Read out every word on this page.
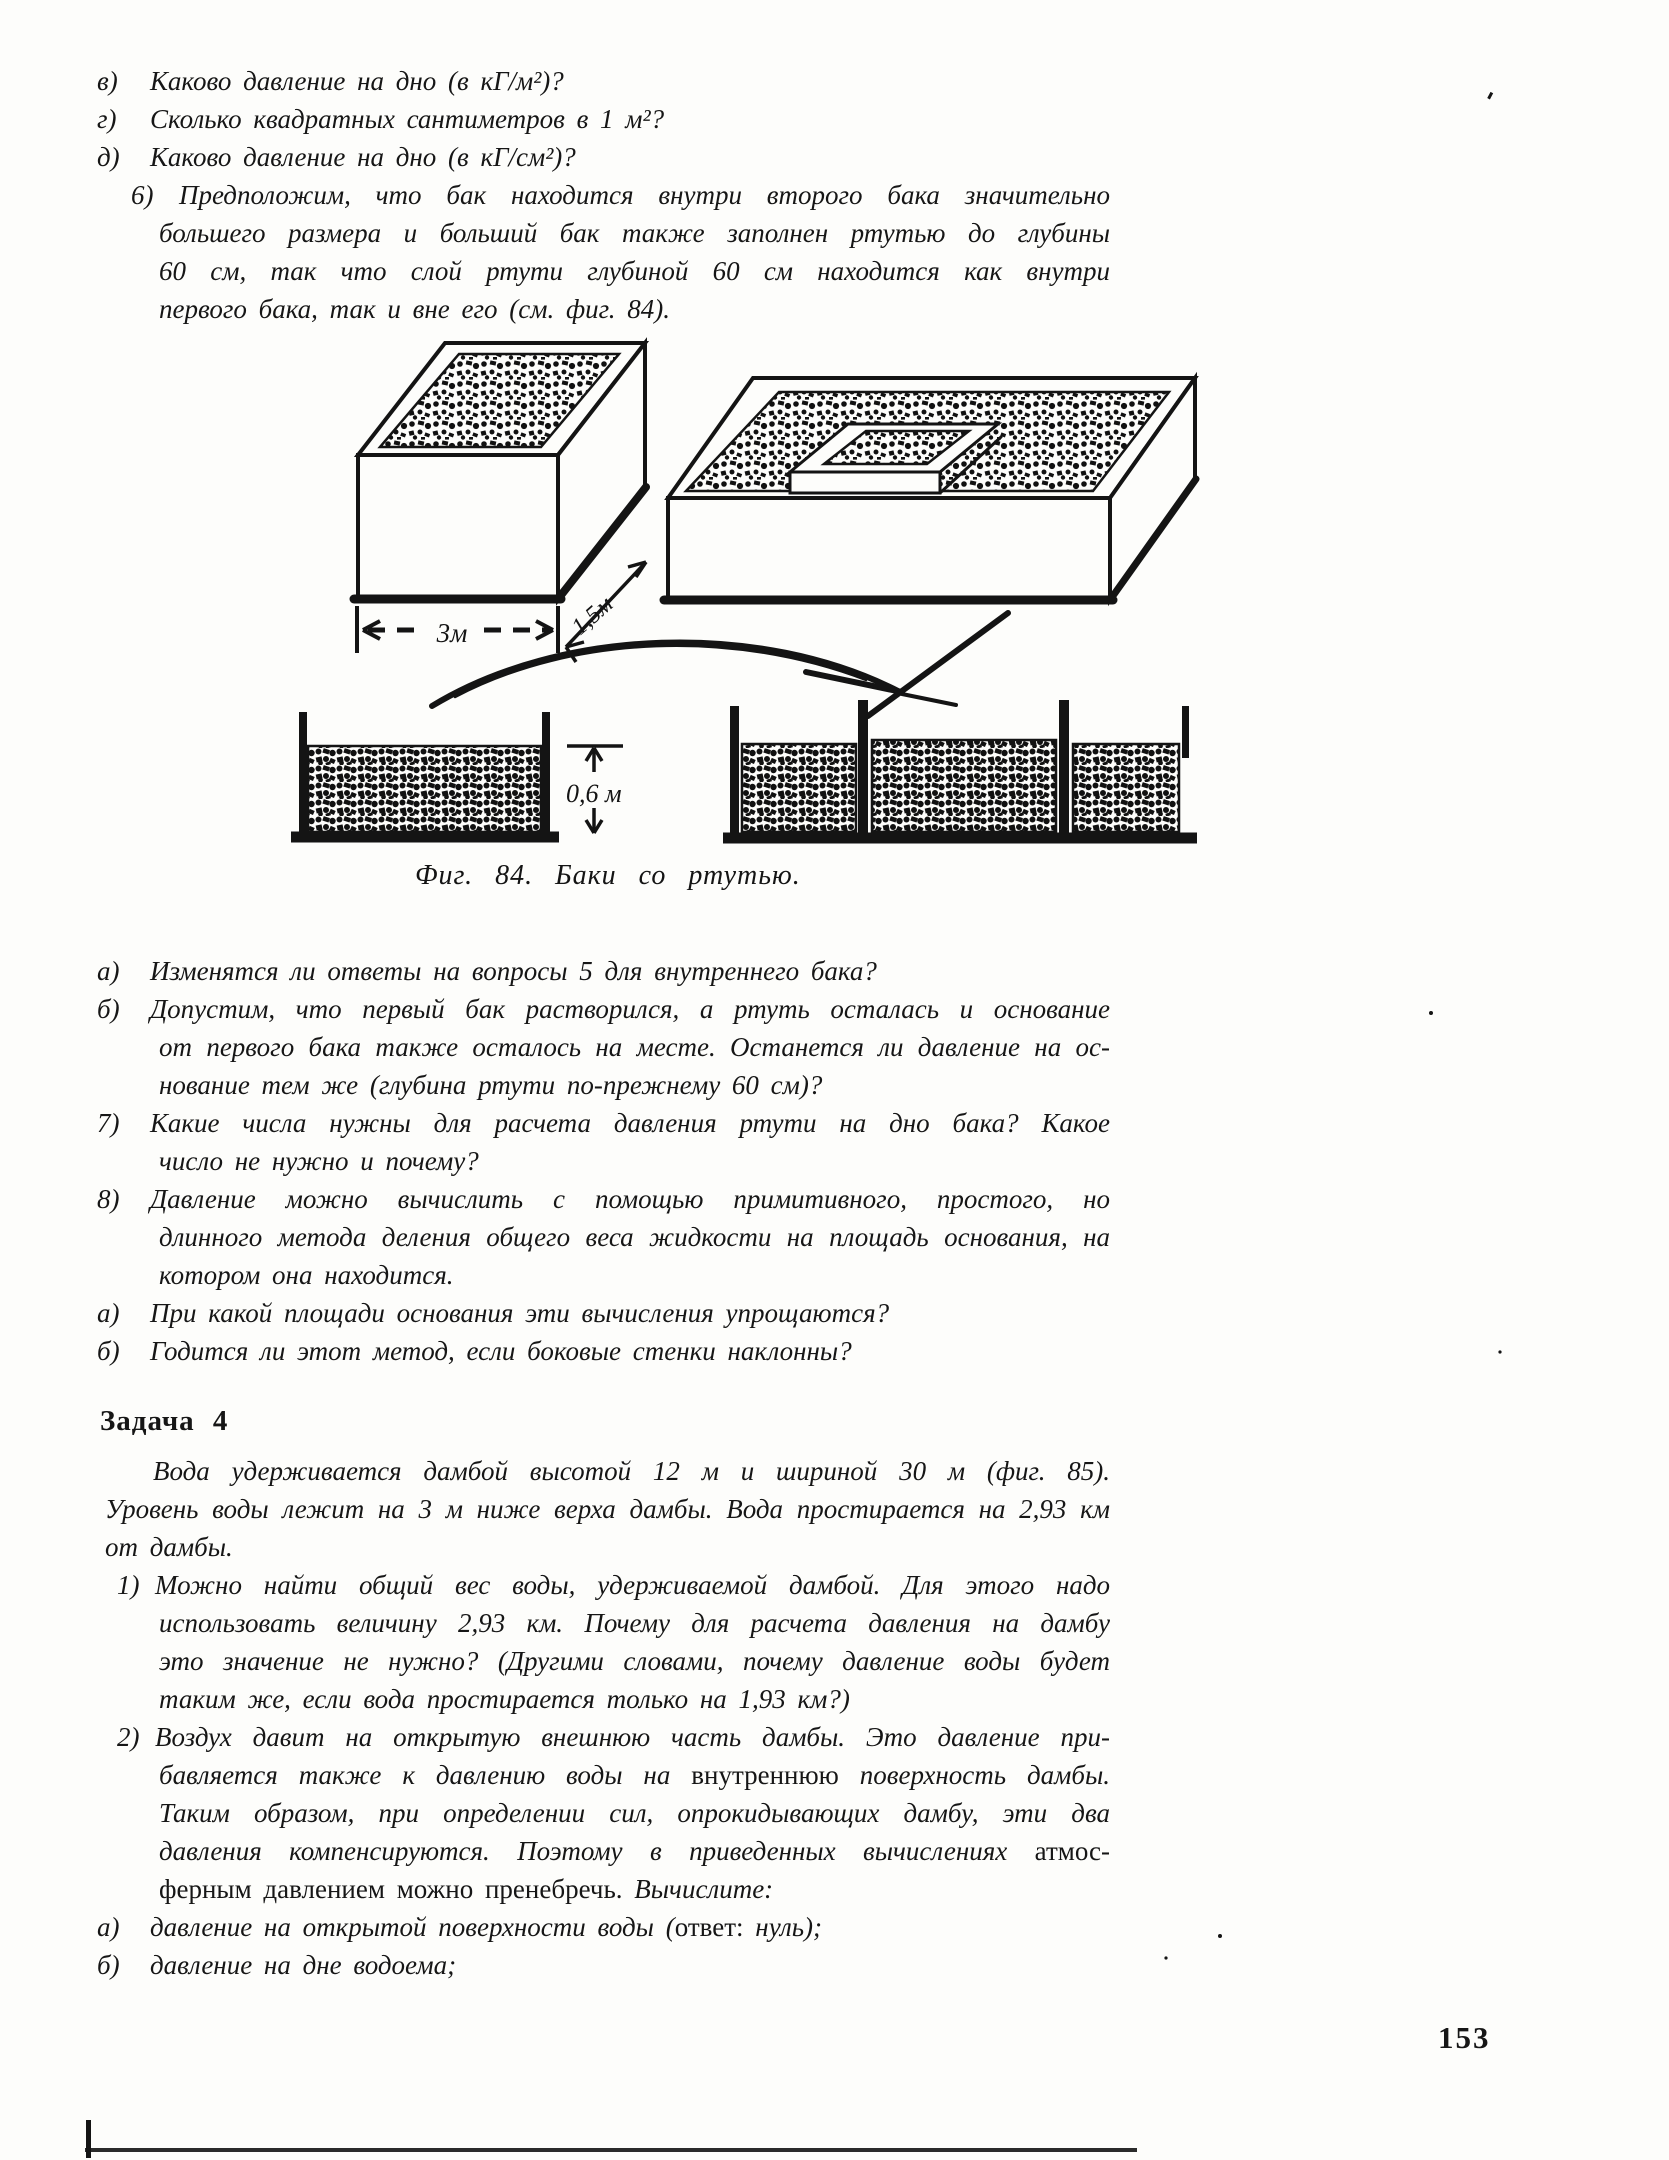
3м	1,5м
0,6 м
Фиг. 84. Баки со ртутью.
в) Каково давление на дно (в кГ/м²)?
г) Сколько квадратных сантиметров в 1 м²?
д) Каково давление на дно (в кГ/см²)?
6) Предположим, что бак находится внутри второго бака значительно
большего размера и больший бак также заполнен ртутью до глубины
60 см, так что слой ртути глубиной 60 см находится как внутри
первого бака, так и вне его (см. фиг. 84).
а) Изменятся ли ответы на вопросы 5 для внутреннего бака?
б) Допустим, что первый бак растворился, а ртуть осталась и основание
от первого бака также осталось на месте. Останется ли давление на ос-
нование тем же (глубина ртути по-прежнему 60 см)?
7) Какие числа нужны для расчета давления ртути на дно бака? Какое
число не нужно и почему?
8) Давление можно вычислить с помощью примитивного, простого, но
длинного метода деления общего веса жидкости на площадь основания, на
котором она находится.
а) При какой площади основания эти вычисления упрощаются?
б) Годится ли этот метод, если боковые стенки наклонны?
Задача 4
Вода удерживается дамбой высотой 12 м и шириной 30 м (фиг. 85).
Уровень воды лежит на 3 м ниже верха дамбы. Вода простирается на 2,93 км
от дамбы.
1) Можно найти общий вес воды, удерживаемой дамбой. Для этого надо
использовать величину 2,93 км. Почему для расчета давления на дамбу
это значение не нужно? (Другими словами, почему давление воды будет
таким же, если вода простирается только на 1,93 км?)
2) Воздух давит на открытую внешнюю часть дамбы. Это давление при-
бавляется также к давлению воды на внутреннюю поверхность дамбы.
Таким образом, при определении сил, опрокидывающих дамбу, эти два
давления компенсируются. Поэтому в приведенных вычислениях атмос-
ферным давлением можно пренебречь. Вычислите:
а) давление на открытой поверхности воды (ответ: нуль);
б) давление на дне водоема;
153
